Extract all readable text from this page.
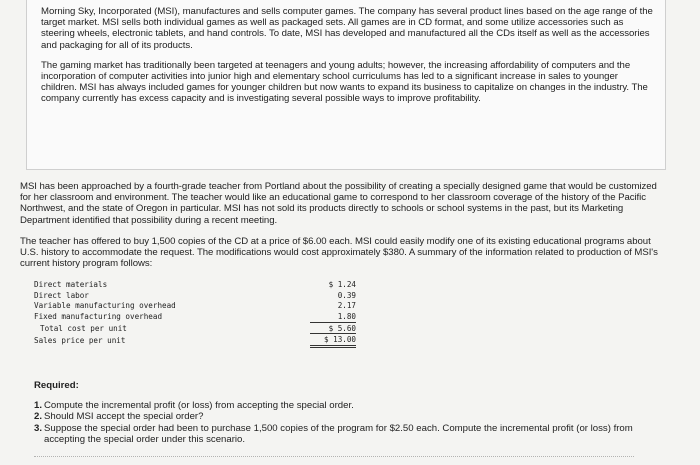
Morning Sky, Incorporated (MSI), manufactures and sells computer games. The company has several product lines based on the age range of the target market. MSI sells both individual games as well as packaged sets. All games are in CD format, and some utilize accessories such as steering wheels, electronic tablets, and hand controls. To date, MSI has developed and manufactured all the CDs itself as well as the accessories and packaging for all of its products.

The gaming market has traditionally been targeted at teenagers and young adults; however, the increasing affordability of computers and the incorporation of computer activities into junior high and elementary school curriculums has led to a significant increase in sales to younger children. MSI has always included games for younger children but now wants to expand its business to capitalize on changes in the industry. The company currently has excess capacity and is investigating several possible ways to improve profitability.

MSI has been approached by a fourth-grade teacher from Portland about the possibility of creating a specially designed game that would be customized for her classroom and environment. The teacher would like an educational game to correspond to her classroom coverage of the history of the Pacific Northwest, and the state of Oregon in particular. MSI has not sold its products directly to schools or school systems in the past, but its Marketing Department identified that possibility during a recent meeting.

The teacher has offered to buy 1,500 copies of the CD at a price of $6.00 each. MSI could easily modify one of its existing educational programs about U.S. history to accommodate the request. The modifications would cost approximately $380. A summary of the information related to production of MSI's current history program follows:

Direct materials	$ 1.24
Direct labor	0.39
Variable manufacturing overhead	2.17
Fixed manufacturing overhead	1.80
Total cost per unit	$ 5.60
Sales price per unit	$ 13.00
Required:
1. Compute the incremental profit (or loss) from accepting the special order.
2. Should MSI accept the special order?
3. Suppose the special order had been to purchase 1,500 copies of the program for $2.50 each. Compute the incremental profit (or loss) from accepting the special order under this scenario.
